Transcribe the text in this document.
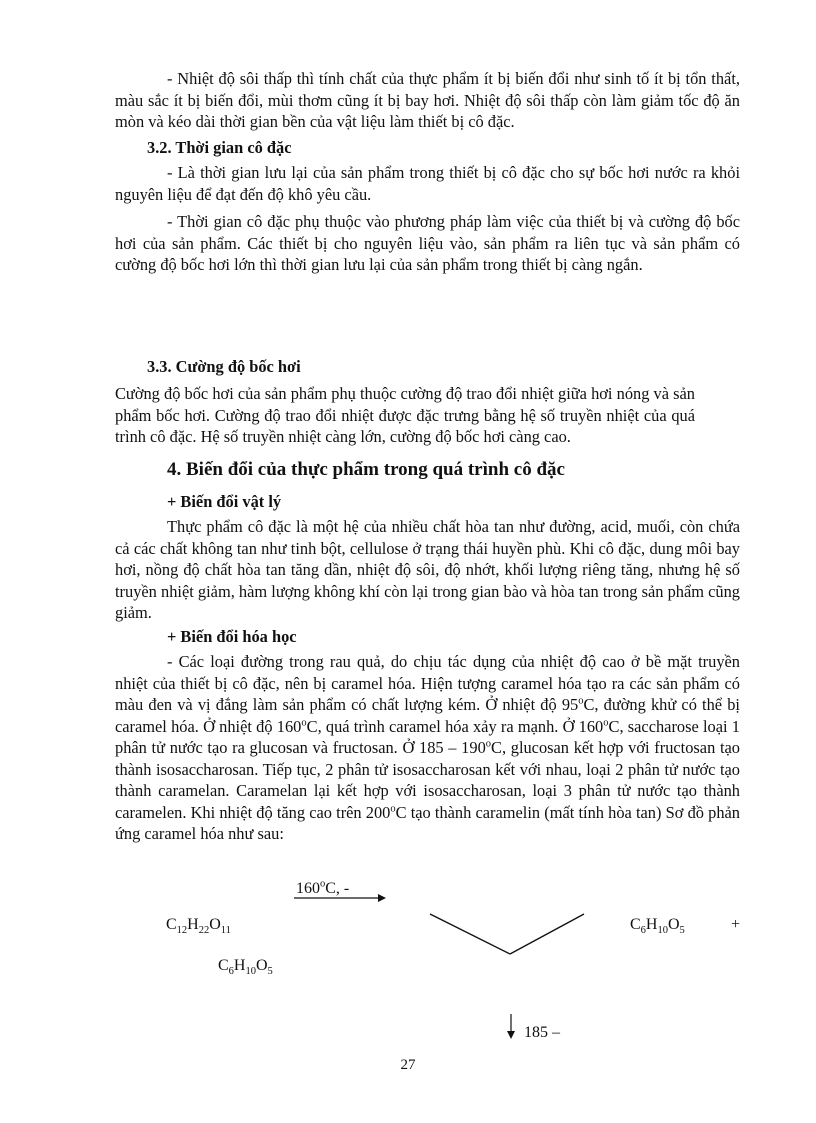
- Nhiệt độ sôi thấp thì tính chất của thực phẩm ít bị biến đổi như sinh tố ít bị tổn thất, màu sắc ít bị biến đổi, mùi thơm cũng ít bị bay hơi. Nhiệt độ sôi thấp còn làm giảm tốc độ ăn mòn và kéo dài thời gian bền của vật liệu làm thiết bị cô đặc.

3.2. Thời gian cô đặc

- Là thời gian lưu lại của sản phẩm trong thiết bị cô đặc cho sự bốc hơi nước ra khỏi nguyên liệu để đạt đến độ khô yêu cầu.

- Thời gian cô đặc phụ thuộc vào phương pháp làm việc của thiết bị và cường độ bốc hơi của sản phẩm. Các thiết bị cho nguyên liệu vào, sản phẩm ra liên tục và sản phẩm có cường độ bốc hơi lớn thì thời gian lưu lại của sản phẩm trong thiết bị càng ngắn.

3.3. Cường độ bốc hơi

Cường độ bốc hơi của sản phẩm phụ thuộc cường độ trao đổi nhiệt giữa hơi nóng và sản phẩm bốc hơi. Cường độ trao đổi nhiệt được đặc trưng bằng hệ số truyền nhiệt của quá trình cô đặc. Hệ số truyền nhiệt càng lớn, cường độ bốc hơi càng cao.

4. Biến đổi của thực phẩm trong quá trình cô đặc

+ Biến đổi vật lý

Thực phẩm cô đặc là một hệ của nhiều chất hòa tan như đường, acid, muối, còn chứa cả các chất không tan như tinh bột, cellulose ở trạng thái huyền phù. Khi cô đặc, dung môi bay hơi, nồng độ chất hòa tan tăng dần, nhiệt độ sôi, độ nhớt, khối lượng riêng tăng, nhưng hệ số truyền nhiệt giảm, hàm lượng không khí còn lại trong gian bào và hòa tan trong sản phẩm cũng giảm.

+ Biến đổi hóa học

- Các loại đường trong rau quả, do chịu tác dụng của nhiệt độ cao ở bề mặt truyền nhiệt của thiết bị cô đặc, nên bị caramel hóa. Hiện tượng caramel hóa tạo ra các sản phẩm có màu đen và vị đắng làm sản phẩm có chất lượng kém. Ở nhiệt độ 95$^o$C, đường khử có thể bị caramel hóa. Ở nhiệt độ 160$^o$C, quá trình caramel hóa xảy ra mạnh. Ở 160$^o$C, saccharose loại 1 phân tử nước tạo ra glucosan và fructosan. Ở 185 – 190$^o$C, glucosan kết hợp với fructosan tạo thành isosaccharosan. Tiếp tục, 2 phân tử isosaccharosan kết với nhau, loại 2 phân tử nước tạo thành caramelan. Caramelan lại kết hợp với isosaccharosan, loại 3 phân tử nước tạo thành caramelen. Khi nhiệt độ tăng cao trên 200$^o$C tạo thành caramelin (mất tính hòa tan) Sơ đồ phản ứng caramel hóa như sau:

160$^o$C, -
$C_{12}H_{22}O_{11}$	$C_6H_{10}O_5$	+
$C_6H_{10}O_5$
185 –
27
